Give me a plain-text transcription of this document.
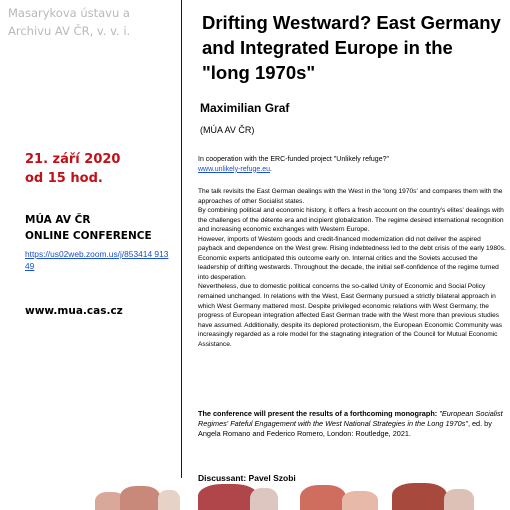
Masarykova ústavu a Archivu AV ČR, v. v. i.
21. září 2020
od 15 hod.
MÚA AV ČR
ONLINE CONFERENCE
https://us02web.zoom.us/j/853414 91349
www.mua.cas.cz
Drifting Westward? East Germany and Integrated Europe in the "long 1970s"
Maximilian Graf
(MÚA AV ČR)
In cooperation with the ERC-funded project "Unlikely refuge?"
www.unlikely-refuge.eu.

The talk revisits the East German dealings with the West in the 'long 1970s' and compares them with the approaches of other Socialist states.

By combining political and economic history, it offers a fresh account on the country's elites' dealings with the challenges of the détente era and incipient globalization. The regime desired international recognition and increasing economic exchanges with Western Europe.

However, imports of Western goods and credit-financed modernization did not deliver the aspired payback and dependence on the West grew. Rising indebtedness led to the debt crisis of the early 1980s. Economic experts anticipated this outcome early on. Internal critics and the Soviets accused the leadership of drifting westwards. Throughout the decade, the initial self-confidence of the regime turned into desperation.

Nevertheless, due to domestic political concerns the so-called Unity of Economic and Social Policy remained unchanged. In relations with the West, East Germany pursued a strictly bilateral approach in which West Germany mattered most. Despite privileged economic relations with West Germany, the progress of European integration affected East German trade with the West more than previous studies have assumed. Additionally, despite its deplored protectionism, the European Economic Community was increasingly regarded as a role model for the stagnating integration of the Council for Mutual Economic Assistance.

The conference will present the results of a forthcoming monograph: "European Socialist Regimes' Fateful Engagement with the West National Strategies in the Long 1970s", ed. by Angela Romano and Federico Romero, London: Routledge, 2021.
Discussant: Pavel Szobi
